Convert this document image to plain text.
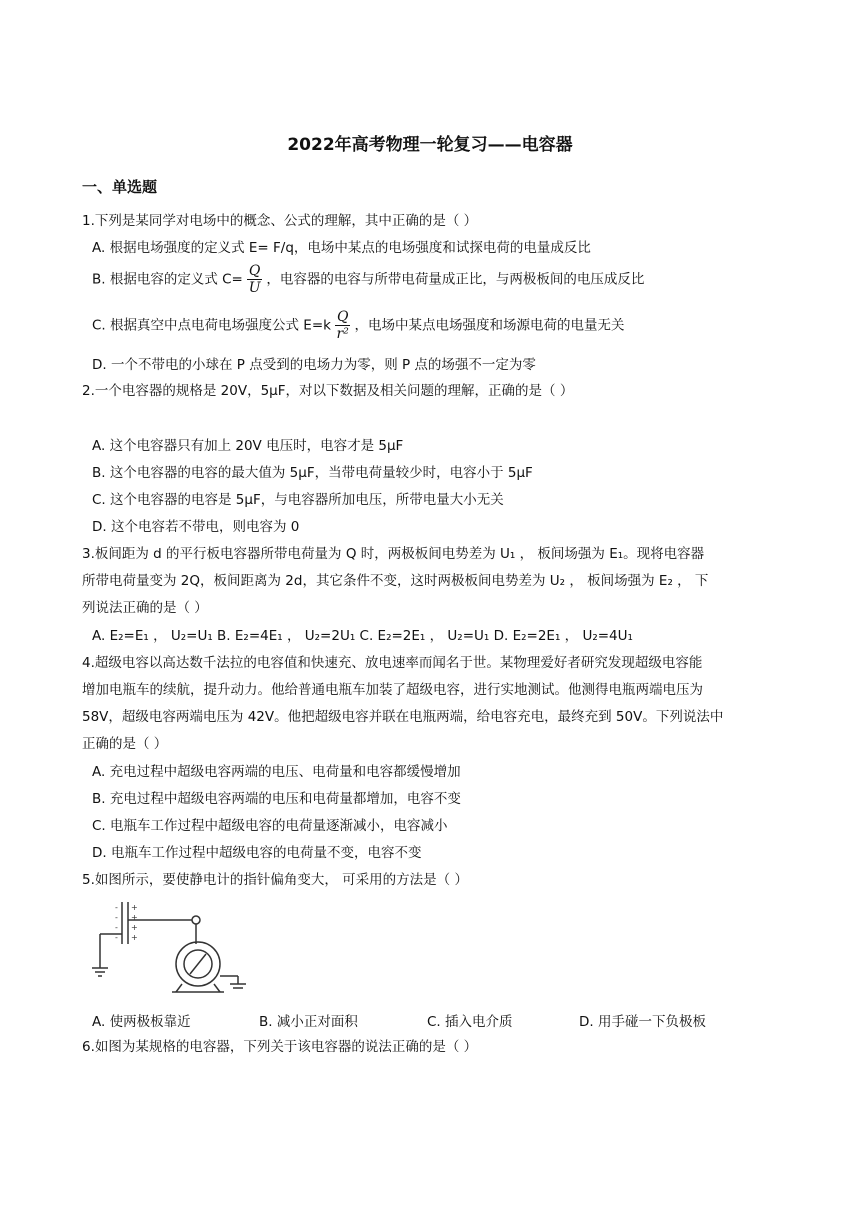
2022年高考物理一轮复习——电容器
一、单选题
1.下列是某同学对电场中的概念、公式的理解，其中正确的是（ ）
A. 根据电场强度的定义式 E= F/q，电场中某点的电场强度和试探电荷的电量成反比
B. 根据电容的定义式 $C= \frac{Q}{U}$ ，电容器的电容与所带电荷量成正比，与两极板间的电压成反比
C. 根据真空中点电荷电场强度公式 $E=k \frac{Q}{\text{r²}}$ ，电场中某点电场强度和场源电荷的电量无关
D. 一个不带电的小球在 P 点受到的电场力为零，则 P 点的场强不一定为零
2.一个电容器的规格是 20V，5μF，对以下数据及相关问题的理解，正确的是（ ）
A. 这个电容器只有加上 20V 电压时，电容才是 5μF
B. 这个电容器的电容的最大值为 5μF，当带电荷量较少时，电容小于 5μF
C. 这个电容器的电容是 5μF，与电容器所加电压，所带电量大小无关
D. 这个电容若不带电，则电容为 0
3.板间距为 d 的平行板电容器所带电荷量为 Q 时，两极板间电势差为 U₁ ， 板间场强为 E₁。现将电容器
所带电荷量变为 2Q，板间距离为 2d，其它条件不变，这时两极板间电势差为 U₂ ， 板间场强为 E₂ ， 下
列说法正确的是（ ）
A. E₂=E₁ ， U₂=U₁ B. E₂=4E₁ ， U₂=2U₁ C. E₂=2E₁ ， U₂=U₁ D. E₂=2E₁ ， U₂=4U₁
4.超级电容以高达数千法拉的电容值和快速充、放电速率而闻名于世。某物理爱好者研究发现超级电容能
增加电瓶车的续航，提升动力。他给普通电瓶车加装了超级电容，进行实地测试。他测得电瓶两端电压为
58V，超级电容两端电压为 42V。他把超级电容并联在电瓶两端，给电容充电，最终充到 50V。下列说法中
正确的是（ ）
A. 充电过程中超级电容两端的电压、电荷量和电容都缓慢增加
B. 充电过程中超级电容两端的电压和电荷量都增加，电容不变
C. 电瓶车工作过程中超级电容的电荷量逐渐减小，电容减小
D. 电瓶车工作过程中超级电容的电荷量不变，电容不变
5.如图所示，要使静电计的指针偏角变大， 可采用的方法是（ ）
-
-
-
-
+
+
+
+
A. 使两极板靠近	B. 减小正对面积	C. 插入电介质	D. 用手碰一下负极板
6.如图为某规格的电容器，下列关于该电容器的说法正确的是（ ）
